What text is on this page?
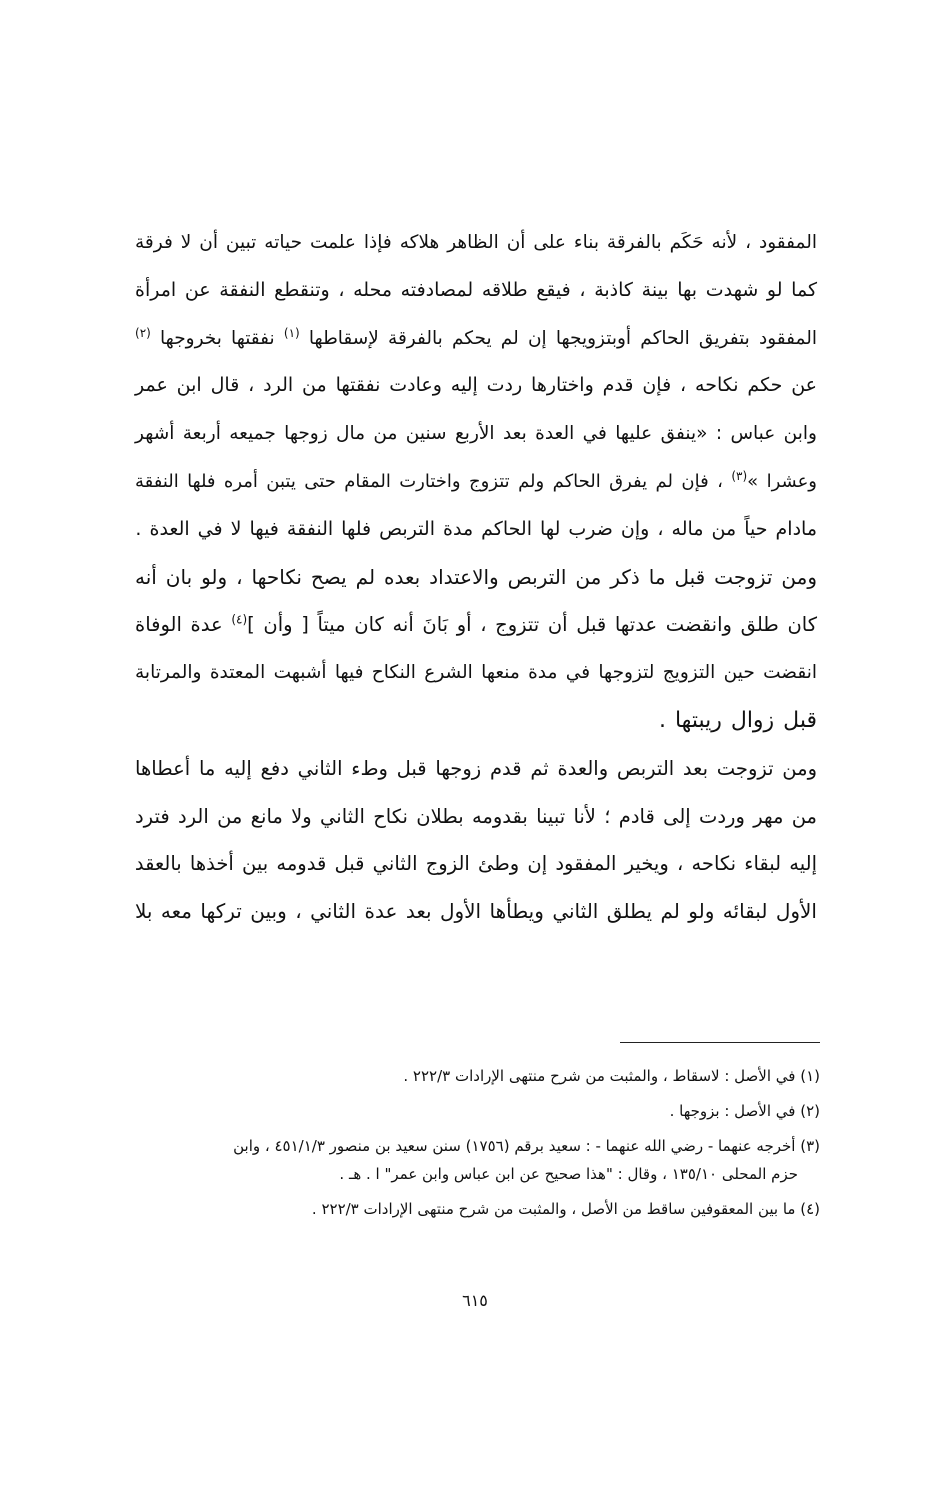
المفقود ، لأنه حَكَم بالفرقة بناء على أن الظاهر هلاكه فإذا علمت حياته تبين أن لا فرقة
كما لو شهدت بها بينة كاذبة ، فيقع طلاقه لمصادفته محله ، وتنقطع النفقة عن امرأة
المفقود بتفريق الحاكم أوبتزويجها إن لم يحكم بالفرقة لإسقاطها $^{(١)}$ نفقتها بخروجها $^{(٢)}$
عن حكم نكاحه ، فإن قدم واختارها ردت إليه وعادت نفقتها من الرد ، قال ابن عمر
وابن عباس : «ينفق عليها في العدة بعد الأربع سنين من مال زوجها جميعه أربعة أشهر
وعشرا »$^{(٣)}$ ، فإن لم يفرق الحاكم ولم تتزوج واختارت المقام حتى يتبن أمره فلها النفقة
مادام حياً من ماله ، وإن ضرب لها الحاكم مدة التربص فلها النفقة فيها لا في العدة .
ومن تزوجت قبل ما ذكر من التربص والاعتداد بعده لم يصح نكاحها ، ولو بان أنه
كان طلق وانقضت عدتها قبل أن تتزوج ، أو بَانَ أنه كان ميتاً [ وأن ]$^{(٤)}$ عدة الوفاة
انقضت حين التزويج لتزوجها في مدة منعها الشرع النكاح فيها أشبهت المعتدة والمرتابة
قبل زوال ريبتها .
ومن تزوجت بعد التربص والعدة ثم قدم زوجها قبل وطء الثاني دفع إليه ما أعطاها
من مهر وردت إلى قادم ؛ لأنا تبينا بقدومه بطلان نكاح الثاني ولا مانع من الرد فترد
إليه لبقاء نكاحه ، ويخير المفقود إن وطئ الزوج الثاني قبل قدومه بين أخذها بالعقد
الأول لبقائه ولو لم يطلق الثاني ويطأها الأول بعد عدة الثاني ، وبين تركها معه بلا
(١) في الأصل : لاسقاط ، والمثبت من شرح منتهى الإرادات ٢٢٢/٣ .
(٢) في الأصل : بزوجها .
(٣) أخرجه عنهما - رضي الله عنهما - : سعيد برقم (١٧٥٦) سنن سعيد بن منصور ٤٥١/١/٣ ، وابن
حزم المحلى ١٣٥/١٠ ، وقال : "هذا صحيح عن ابن عباس وابن عمر" ا . هـ .
(٤) ما بين المعقوفين ساقط من الأصل ، والمثبت من شرح منتهى الإرادات ٢٢٢/٣ .
٦١٥
